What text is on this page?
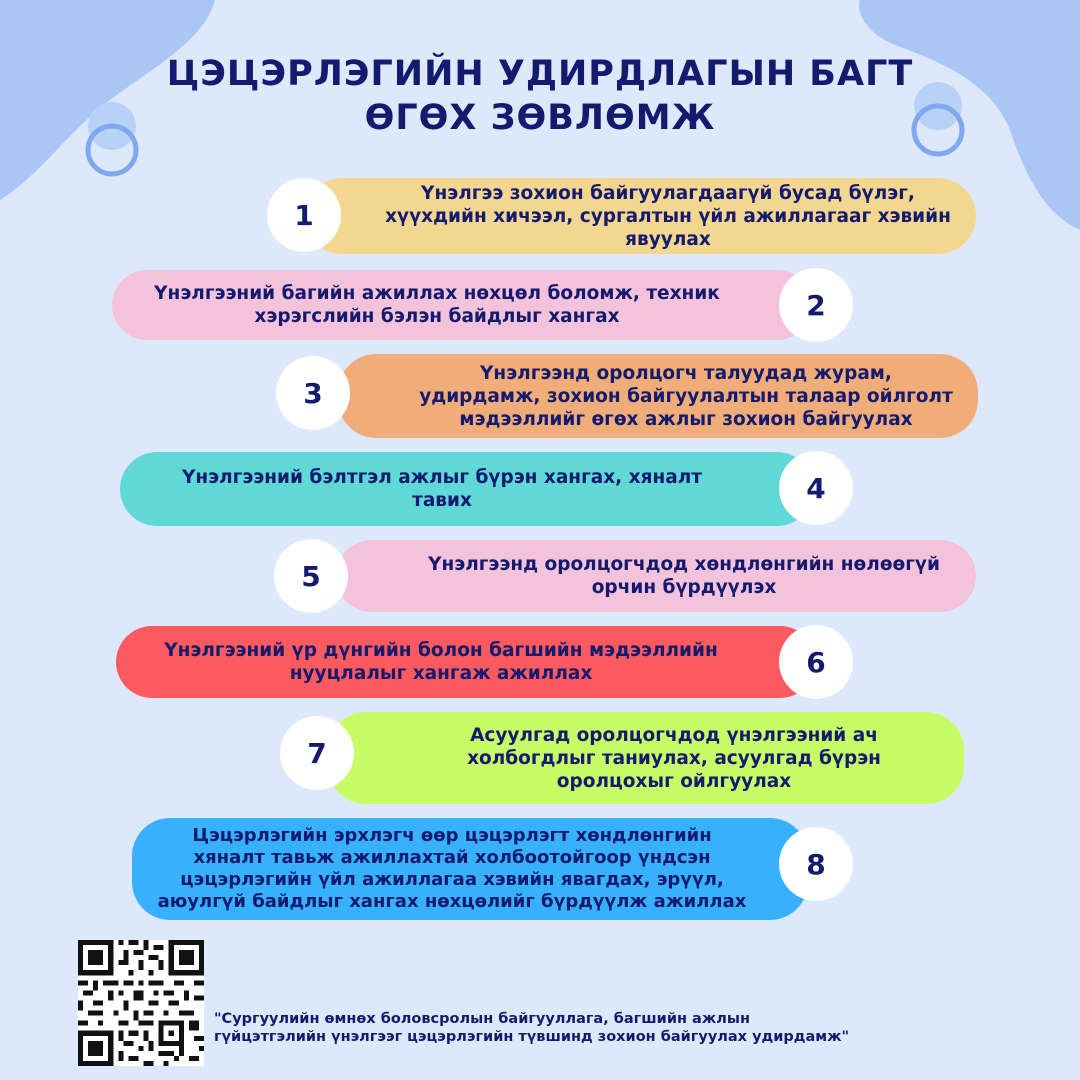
ЦЭЦЭРЛЭГИЙН УДИРДЛАГЫН БАГТ ӨГӨХ ЗӨВЛӨМЖ
Үнэлгээ зохион байгуулагдаагүй бусад бүлэг, хүүхдийн хичээл, сургалтын үйл ажиллагааг хэвийн явуулах
1
Үнэлгээний багийн ажиллах нөхцөл боломж, техник хэрэгслийн бэлэн байдлыг хангах	2
Үнэлгээнд оролцогч талуудад журам, удирдамж, зохион байгуулалтын талаар ойлголт мэдээллийг өгөх ажлыг зохион байгуулах
3
Үнэлгээний бэлтгэл ажлыг бүрэн хангах, хяналт тавих	4
Үнэлгээнд оролцогчдод хөндлөнгийн нөлөөгүй орчин бүрдүүлэх
5
Үнэлгээний үр дүнгийн болон багшийн мэдээллийн нууцлалыг хангаж ажиллах	6
Асуулгад оролцогчдод үнэлгээний ач холбогдлыг таниулах, асуулгад бүрэн оролцохыг ойлгуулах
7
Цэцэрлэгийн эрхлэгч өөр цэцэрлэгт хөндлөнгийн хяналт тавьж ажиллахтай холбоотойгоор үндсэн цэцэрлэгийн үйл ажиллагаа хэвийн явагдах, эрүүл, аюулгүй байдлыг хангах нөхцөлийг бүрдүүлж ажиллах
8

"Сургуулийн өмнөх боловсролын байгууллага, багшийн ажлын гүйцэтгэлийн үнэлгээг цэцэрлэгийн түвшинд зохион байгуулах удирдамж"
